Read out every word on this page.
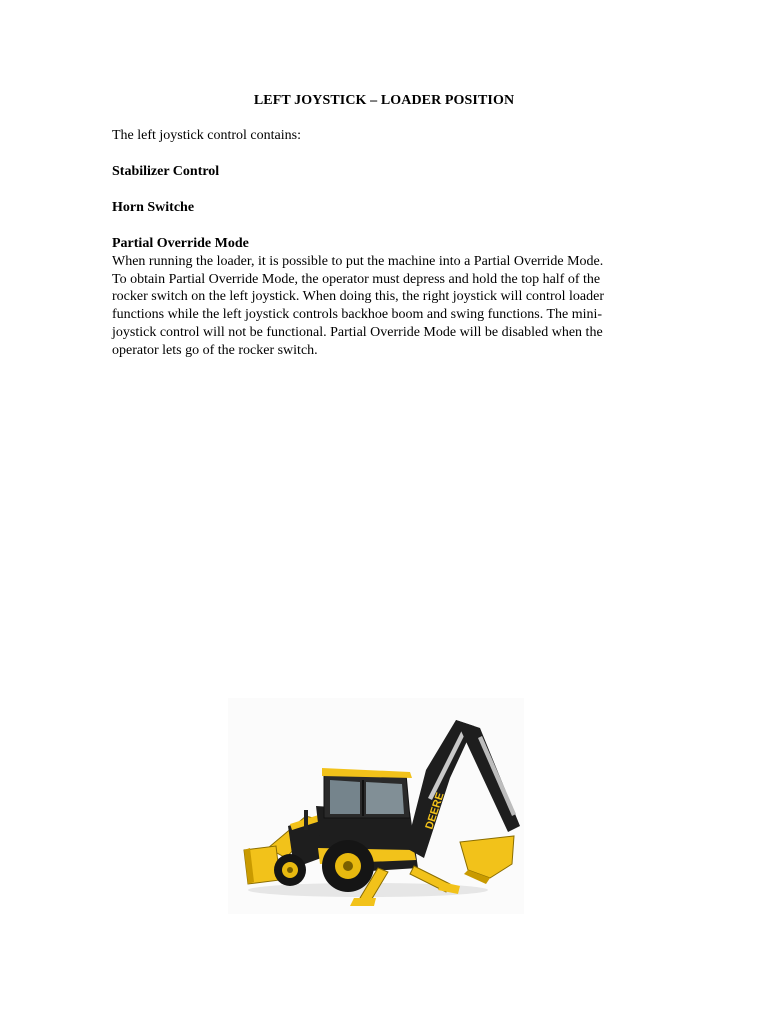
LEFT JOYSTICK – LOADER POSITION
The left joystick control contains:
Stabilizer Control
Horn Switche
Partial Override Mode
When running the loader, it is possible to put the machine into a Partial Override Mode.
To obtain Partial Override Mode, the operator must depress and hold the top half of the
rocker switch on the left joystick. When doing this, the right joystick will control loader
functions while the left joystick controls backhoe boom and swing functions. The mini-
joystick control will not be functional. Partial Override Mode will be disabled when the
operator lets go of the rocker switch.
DEERE
